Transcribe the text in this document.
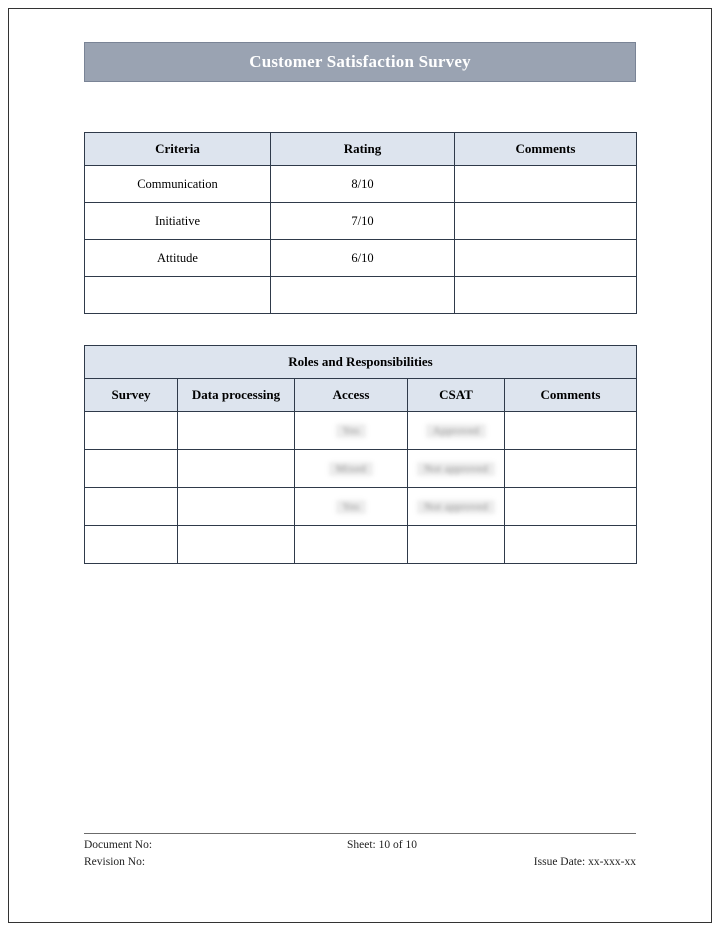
Customer Satisfaction Survey
Criteria	Rating	Comments
Communication	8/10	
Initiative	7/10	
Attitude	6/10	

Roles and Responsibilities				
Survey	Data processing	Access	CSAT	Comments
		Yes	Approved	
		Mixed	Not approved	
		Yes	Not approved	

Document No:	Sheet: 10 of 10
Revision No:	Issue Date: xx-xxx-xx
